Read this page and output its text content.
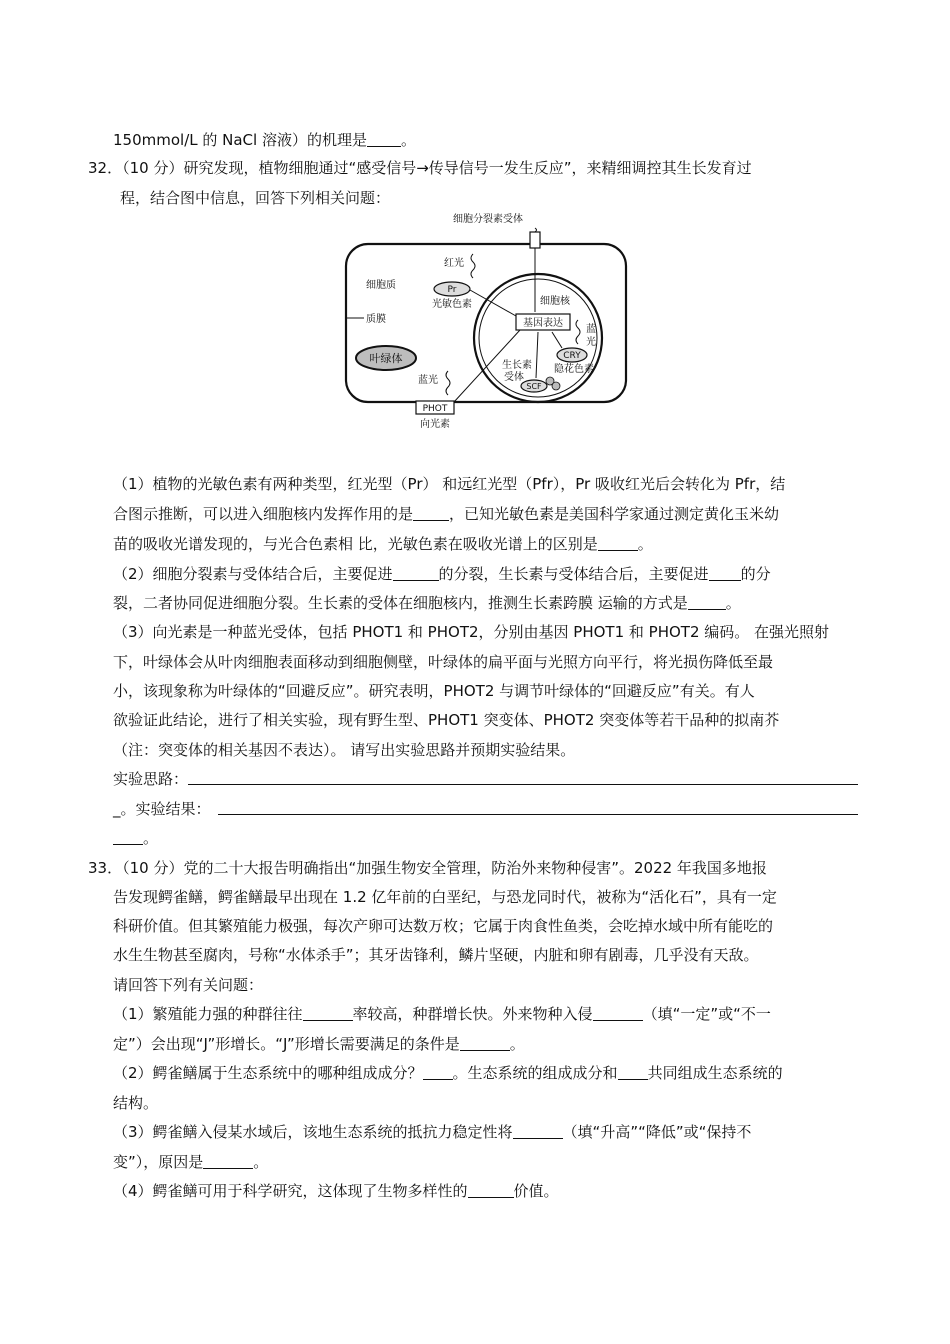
150mmol/L 的 NaCl 溶液）的机理是 。
32．（10 分）研究发现，植物细胞通过“感受信号→传导信号一发生反应”，来精细调控其生长发育过
程，结合图中信息，回答下列相关问题：
细胞分裂素受体
细胞质
质膜
叶绿体
红光
Pr
光敏色素	细胞核
基因表达
蓝光
CRY
隐花色素
生长素受体
SCF
蓝光
PHOT
向光素
（1）植物的光敏色素有两种类型，红光型（Pr） 和远红光型（Pfr），Pr 吸收红光后会转化为 Pfr，结
合图示推断，可以进入细胞核内发挥作用的是 ，已知光敏色素是美国科学家通过测定黄化玉米幼
苗的吸收光谱发现的，与光合色素相 比，光敏色素在吸收光谱上的区别是	。
（2）细胞分裂素与受体结合后，主要促进	的分裂，生长素与受体结合后，主要促进 的分
裂，二者协同促进细胞分裂。生长素的受体在细胞核内，推测生长素跨膜 运输的方式是	。
（3）向光素是一种蓝光受体，包括 PHOT1 和 PHOT2，分别由基因 PHOT1 和 PHOT2 编码。 在强光照射
下，叶绿体会从叶肉细胞表面移动到细胞侧壁，叶绿体的扁平面与光照方向平行，将光损伤降低至最
小，该现象称为叶绿体的“回避反应”。研究表明，PHOT2 与调节叶绿体的“回避反应”有关。有人
欲验证此结论，进行了相关实验，现有野生型、PHOT1 突变体、PHOT2 突变体等若干品种的拟南芥
（注：突变体的相关基因不表达）。 请写出实验思路并预期实验结果。
实验思路：
_。实验结果：
。
33．（10 分）党的二十大报告明确指出“加强生物安全管理，防治外来物种侵害”。2022 年我国多地报
告发现鳄雀鳝，鳄雀鳝最早出现在 1.2 亿年前的白垩纪，与恐龙同时代，被称为“活化石”，具有一定
科研价值。但其繁殖能力极强，每次产卵可达数万枚；它属于肉食性鱼类，会吃掉水域中所有能吃的
水生生物甚至腐肉，号称“水体杀手”；其牙齿锋利，鳞片坚硬，内脏和卵有剧毒，几乎没有天敌。
请回答下列有关问题：
（1）繁殖能力强的种群往往	率较高，种群增长快。外来物种入侵	（填“一定”或“不一
定”）会出现“J”形增长。“J”形增长需要满足的条件是	。
（2）鳄雀鳝属于生态系统中的哪种组成成分？ 。生态系统的组成成分和 共同组成生态系统的
结构。
（3）鳄雀鳝入侵某水域后，该地生态系统的抵抗力稳定性将	（填“升高”“降低”或“保持不
变”），原因是	。
（4）鳄雀鳝可用于科学研究，这体现了生物多样性的	价值。
